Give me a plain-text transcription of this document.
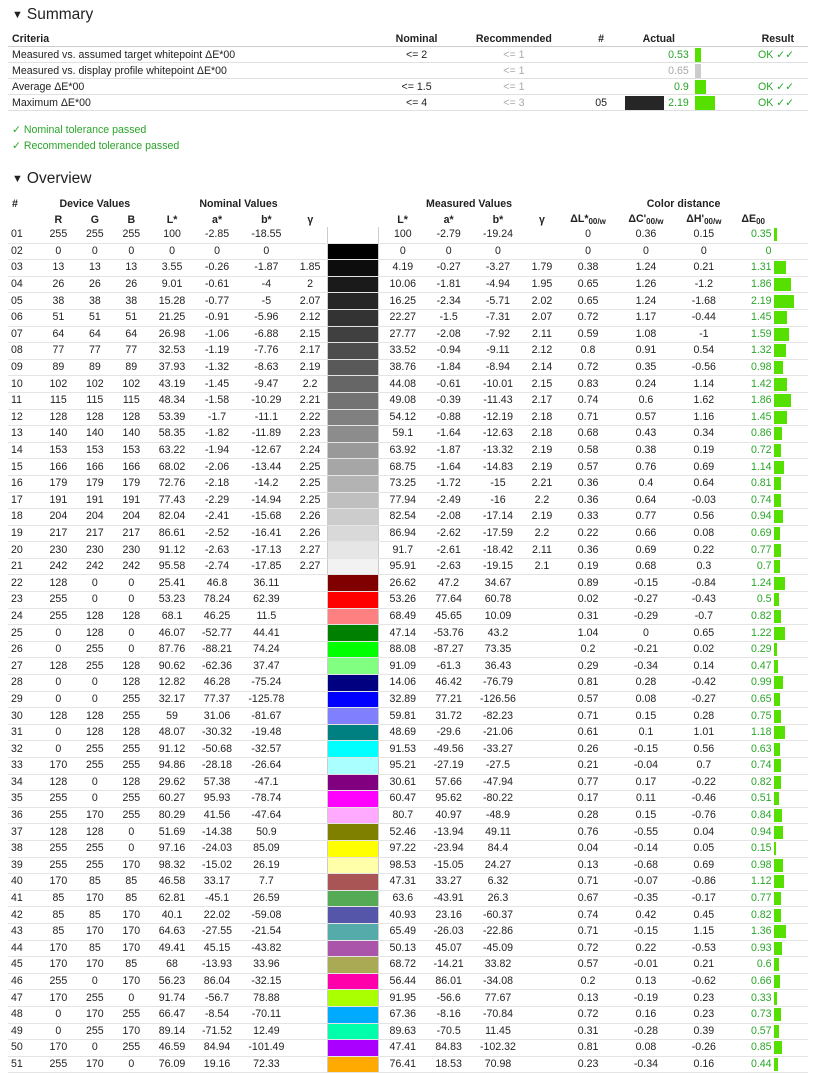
▼ Summary
Criteria	Nominal	Recommended	#	Actual			Result
Measured vs. assumed target whitepoint ΔE*00	<= 2	<= 1			0.53		OK ✓✓
Measured vs. display profile whitepoint ΔE*00		<= 1			0.65	

Average ΔE*00	<= 1.5	<= 1			0.9		OK ✓✓
Maximum ΔE*00	<= 4	<= 3	05		2.19		OK ✓✓
✓ Nominal tolerance passed
✓ Recommended tolerance passed
▼ Overview
#	Device Values			Nominal Values					Measured Values				Color distance				
	R	G	B	L*	a*	b*	γ		L*	a*	b*	γ	$\Delta L*_{00/w}$	$\Delta C'_{00/w}$	$\Delta H'_{00/w}$	$\Delta E_{00}$	
01	255	255	255	100	-2.85	-18.55			100	-2.79	-19.24		0	0.36	0.15	0.35	

02	0	0	0	0	0	0			0	0	0		0	0	0	0	

03	13	13	13	3.55	-0.26	-1.87	1.85		4.19	-0.27	-3.27	1.79	0.38	1.24	0.21	1.31	

04	26	26	26	9.01	-0.61	-4	2		10.06	-1.81	-4.94	1.95	0.65	1.26	-1.2	1.86	

05	38	38	38	15.28	-0.77	-5	2.07		16.25	-2.34	-5.71	2.02	0.65	1.24	-1.68	2.19	

06	51	51	51	21.25	-0.91	-5.96	2.12		22.27	-1.5	-7.31	2.07	0.72	1.17	-0.44	1.45	

07	64	64	64	26.98	-1.06	-6.88	2.15		27.77	-2.08	-7.92	2.11	0.59	1.08	-1	1.59	

08	77	77	77	32.53	-1.19	-7.76	2.17		33.52	-0.94	-9.11	2.12	0.8	0.91	0.54	1.32	

09	89	89	89	37.93	-1.32	-8.63	2.19		38.76	-1.84	-8.94	2.14	0.72	0.35	-0.56	0.98	

10	102	102	102	43.19	-1.45	-9.47	2.2		44.08	-0.61	-10.01	2.15	0.83	0.24	1.14	1.42	

11	115	115	115	48.34	-1.58	-10.29	2.21		49.08	-0.39	-11.43	2.17	0.74	0.6	1.62	1.86	

12	128	128	128	53.39	-1.7	-11.1	2.22		54.12	-0.88	-12.19	2.18	0.71	0.57	1.16	1.45	

13	140	140	140	58.35	-1.82	-11.89	2.23		59.1	-1.64	-12.63	2.18	0.68	0.43	0.34	0.86	

14	153	153	153	63.22	-1.94	-12.67	2.24		63.92	-1.87	-13.32	2.19	0.58	0.38	0.19	0.72	

15	166	166	166	68.02	-2.06	-13.44	2.25		68.75	-1.64	-14.83	2.19	0.57	0.76	0.69	1.14	

16	179	179	179	72.76	-2.18	-14.2	2.25		73.25	-1.72	-15	2.21	0.36	0.4	0.64	0.81	

17	191	191	191	77.43	-2.29	-14.94	2.25		77.94	-2.49	-16	2.2	0.36	0.64	-0.03	0.74	

18	204	204	204	82.04	-2.41	-15.68	2.26		82.54	-2.08	-17.14	2.19	0.33	0.77	0.56	0.94	

19	217	217	217	86.61	-2.52	-16.41	2.26		86.94	-2.62	-17.59	2.2	0.22	0.66	0.08	0.69	

20	230	230	230	91.12	-2.63	-17.13	2.27		91.7	-2.61	-18.42	2.11	0.36	0.69	0.22	0.77	

21	242	242	242	95.58	-2.74	-17.85	2.27		95.91	-2.63	-19.15	2.1	0.19	0.68	0.3	0.7	

22	128	0	0	25.41	46.8	36.11			26.62	47.2	34.67		0.89	-0.15	-0.84	1.24	

23	255	0	0	53.23	78.24	62.39			53.26	77.64	60.78		0.02	-0.27	-0.43	0.5	

24	255	128	128	68.1	46.25	11.5			68.49	45.65	10.09		0.31	-0.29	-0.7	0.82	

25	0	128	0	46.07	-52.77	44.41			47.14	-53.76	43.2		1.04	0	0.65	1.22	

26	0	255	0	87.76	-88.21	74.24			88.08	-87.27	73.35		0.2	-0.21	0.02	0.29	

27	128	255	128	90.62	-62.36	37.47			91.09	-61.3	36.43		0.29	-0.34	0.14	0.47	

28	0	0	128	12.82	46.28	-75.24			14.06	46.42	-76.79		0.81	0.28	-0.42	0.99	

29	0	0	255	32.17	77.37	-125.78			32.89	77.21	-126.56		0.57	0.08	-0.27	0.65	

30	128	128	255	59	31.06	-81.67			59.81	31.72	-82.23		0.71	0.15	0.28	0.75	

31	0	128	128	48.07	-30.32	-19.48			48.69	-29.6	-21.06		0.61	0.1	1.01	1.18	

32	0	255	255	91.12	-50.68	-32.57			91.53	-49.56	-33.27		0.26	-0.15	0.56	0.63	

33	170	255	255	94.86	-28.18	-26.64			95.21	-27.19	-27.5		0.21	-0.04	0.7	0.74	

34	128	0	128	29.62	57.38	-47.1			30.61	57.66	-47.94		0.77	0.17	-0.22	0.82	

35	255	0	255	60.27	95.93	-78.74			60.47	95.62	-80.22		0.17	0.11	-0.46	0.51	

36	255	170	255	80.29	41.56	-47.64			80.7	40.97	-48.9		0.28	0.15	-0.76	0.84	

37	128	128	0	51.69	-14.38	50.9			52.46	-13.94	49.11		0.76	-0.55	0.04	0.94	

38	255	255	0	97.16	-24.03	85.09			97.22	-23.94	84.4		0.04	-0.14	0.05	0.15	

39	255	255	170	98.32	-15.02	26.19			98.53	-15.05	24.27		0.13	-0.68	0.69	0.98	

40	170	85	85	46.58	33.17	7.7			47.31	33.27	6.32		0.71	-0.07	-0.86	1.12	

41	85	170	85	62.81	-45.1	26.59			63.6	-43.91	26.3		0.67	-0.35	-0.17	0.77	

42	85	85	170	40.1	22.02	-59.08			40.93	23.16	-60.37		0.74	0.42	0.45	0.82	

43	85	170	170	64.63	-27.55	-21.54			65.49	-26.03	-22.86		0.71	-0.15	1.15	1.36	

44	170	85	170	49.41	45.15	-43.82			50.13	45.07	-45.09		0.72	0.22	-0.53	0.93	

45	170	170	85	68	-13.93	33.96			68.72	-14.21	33.82		0.57	-0.01	0.21	0.6	

46	255	0	170	56.23	86.04	-32.15			56.44	86.01	-34.08		0.2	0.13	-0.62	0.66	

47	170	255	0	91.74	-56.7	78.88			91.95	-56.6	77.67		0.13	-0.19	0.23	0.33	

48	0	170	255	66.47	-8.54	-70.11			67.36	-8.16	-70.84		0.72	0.16	0.23	0.73	

49	0	255	170	89.14	-71.52	12.49			89.63	-70.5	11.45		0.31	-0.28	0.39	0.57	

50	170	0	255	46.59	84.94	-101.49			47.41	84.83	-102.32		0.81	0.08	-0.26	0.85	

51	255	170	0	76.09	19.16	72.33			76.41	18.53	70.98		0.23	-0.34	0.16	0.44	
